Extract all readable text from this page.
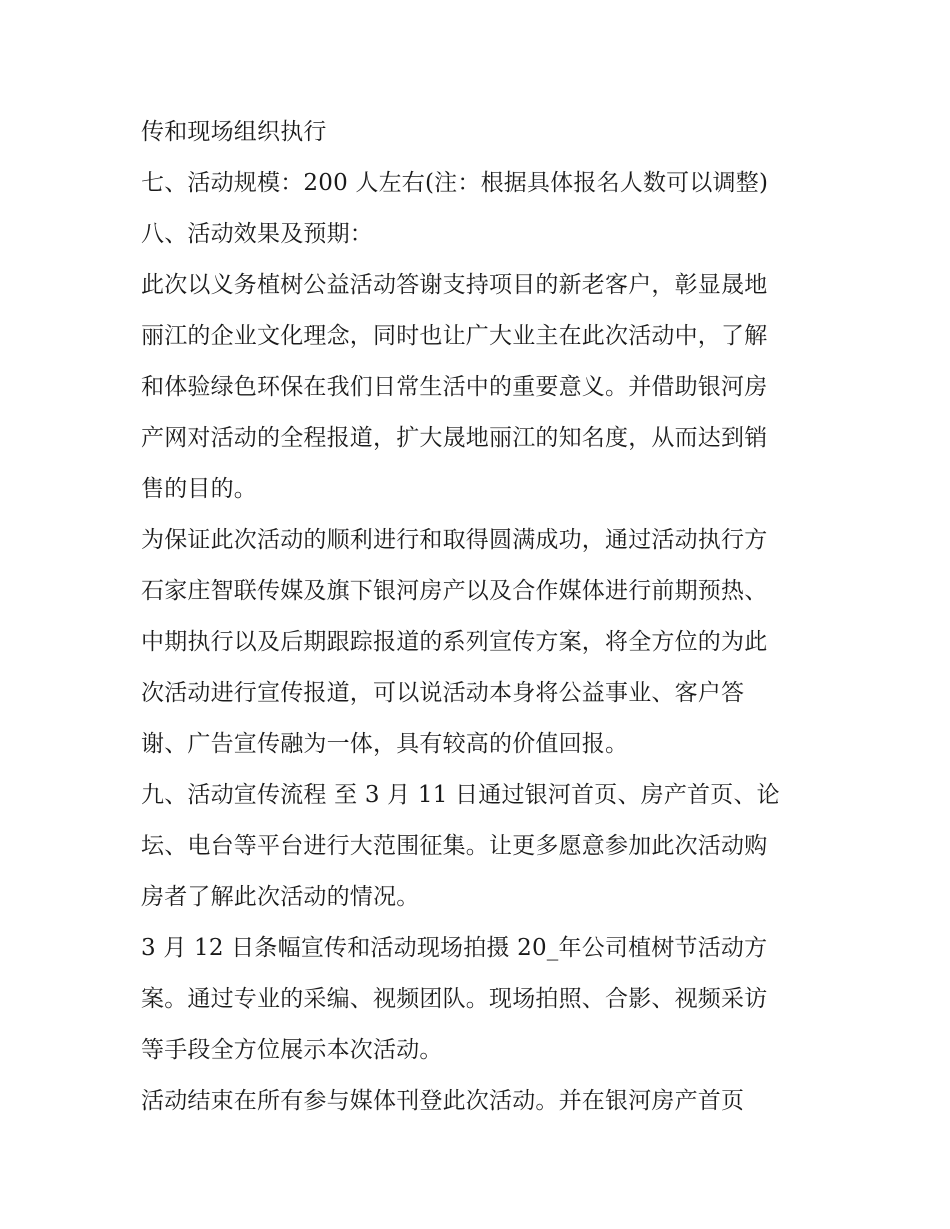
传和现场组织执行
七、活动规模：200 人左右(注：根据具体报名人数可以调整)
八、活动效果及预期：
此次以义务植树公益活动答谢支持项目的新老客户，彰显晟地
丽江的企业文化理念，同时也让广大业主在此次活动中，了解
和体验绿色环保在我们日常生活中的重要意义。并借助银河房
产网对活动的全程报道，扩大晟地丽江的知名度，从而达到销
售的目的。
为保证此次活动的顺利进行和取得圆满成功，通过活动执行方
石家庄智联传媒及旗下银河房产以及合作媒体进行前期预热、
中期执行以及后期跟踪报道的系列宣传方案，将全方位的为此
次活动进行宣传报道，可以说活动本身将公益事业、客户答
谢、广告宣传融为一体，具有较高的价值回报。
九、活动宣传流程 至 3 月 11 日通过银河首页、房产首页、论
坛、电台等平台进行大范围征集。让更多愿意参加此次活动购
房者了解此次活动的情况。
3 月 12 日条幅宣传和活动现场拍摄 20_年公司植树节活动方
案。通过专业的采编、视频团队。现场拍照、合影、视频采访
等手段全方位展示本次活动。
活动结束在所有参与媒体刊登此次活动。并在银河房产首页
